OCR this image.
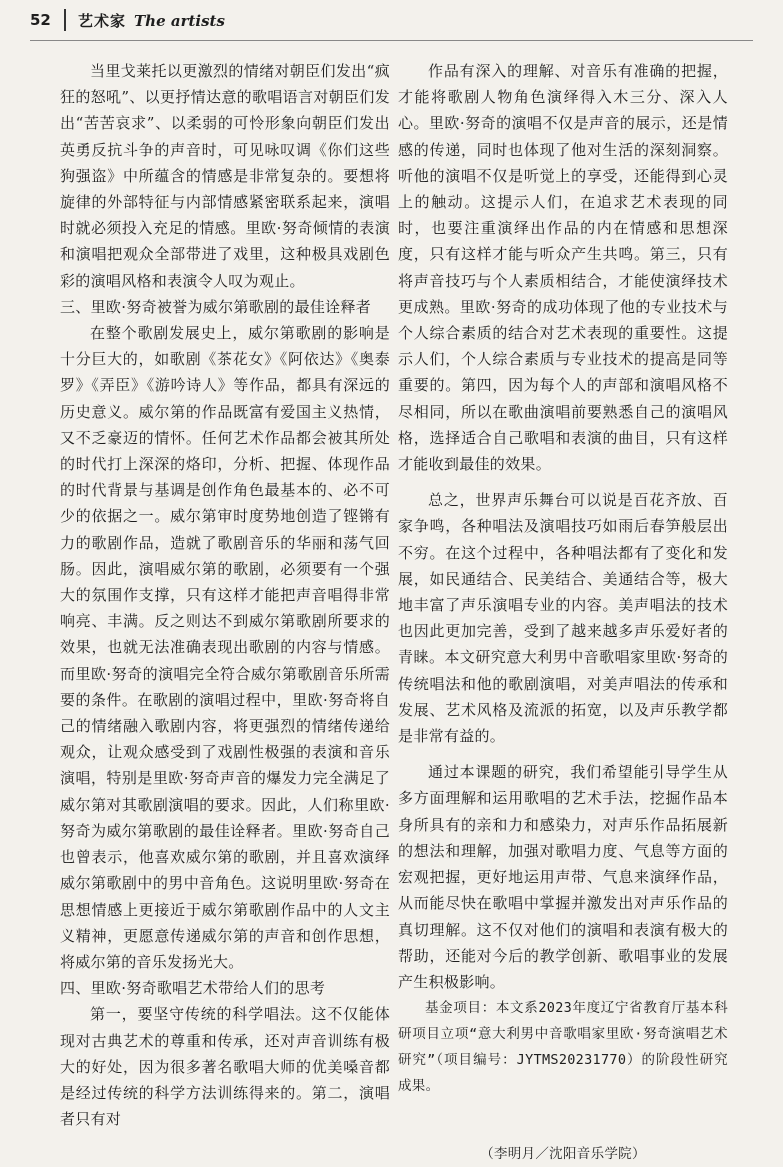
52 艺术家 The artists

当里戈莱托以更激烈的情绪对朝臣们发出“疯狂的怒吼”、以更抒情达意的歌唱语言对朝臣们发出“苦苦哀求”、以柔弱的可怜形象向朝臣们发出英勇反抗斗争的声音时，可见咏叹调《你们这些狗强盗》中所蕴含的情感是非常复杂的。要想将旋律的外部特征与内部情感紧密联系起来，演唱时就必须投入充足的情感。里欧·努奇倾情的表演和演唱把观众全部带进了戏里，这种极具戏剧色彩的演唱风格和表演令人叹为观止。

三、里欧·努奇被誉为威尔第歌剧的最佳诠释者

在整个歌剧发展史上，威尔第歌剧的影响是十分巨大的，如歌剧《茶花女》《阿依达》《奥泰罗》《弄臣》《游吟诗人》等作品，都具有深远的历史意义。威尔第的作品既富有爱国主义热情，又不乏豪迈的情怀。任何艺术作品都会被其所处的时代打上深深的烙印，分析、把握、体现作品的时代背景与基调是创作角色最基本的、必不可少的依据之一。威尔第审时度势地创造了铿锵有力的歌剧作品，造就了歌剧音乐的华丽和荡气回肠。因此，演唱威尔第的歌剧，必须要有一个强大的氛围作支撑，只有这样才能把声音唱得非常响亮、丰满。反之则达不到威尔第歌剧所要求的效果，也就无法准确表现出歌剧的内容与情感。而里欧·努奇的演唱完全符合威尔第歌剧音乐所需要的条件。在歌剧的演唱过程中，里欧·努奇将自己的情绪融入歌剧内容，将更强烈的情绪传递给观众，让观众感受到了戏剧性极强的表演和音乐演唱，特别是里欧·努奇声音的爆发力完全满足了威尔第对其歌剧演唱的要求。因此，人们称里欧·努奇为威尔第歌剧的最佳诠释者。里欧·努奇自己也曾表示，他喜欢威尔第的歌剧，并且喜欢演绎威尔第歌剧中的男中音角色。这说明里欧·努奇在思想情感上更接近于威尔第歌剧作品中的人文主义精神，更愿意传递威尔第的声音和创作思想，将威尔第的音乐发扬光大。

四、里欧·努奇歌唱艺术带给人们的思考

第一，要坚守传统的科学唱法。这不仅能体现对古典艺术的尊重和传承，还对声音训练有极大的好处，因为很多著名歌唱大师的优美嗓音都是经过传统的科学方法训练得来的。第二，演唱者只有对

作品有深入的理解、对音乐有准确的把握，才能将歌剧人物角色演绎得入木三分、深入人心。里欧·努奇的演唱不仅是声音的展示，还是情感的传递，同时也体现了他对生活的深刻洞察。听他的演唱不仅是听觉上的享受，还能得到心灵上的触动。这提示人们，在追求艺术表现的同时，也要注重演绎出作品的内在情感和思想深度，只有这样才能与听众产生共鸣。第三，只有将声音技巧与个人素质相结合，才能使演绎技术更成熟。里欧·努奇的成功体现了他的专业技术与个人综合素质的结合对艺术表现的重要性。这提示人们，个人综合素质与专业技术的提高是同等重要的。第四，因为每个人的声部和演唱风格不尽相同，所以在歌曲演唱前要熟悉自己的演唱风格，选择适合自己歌唱和表演的曲目，只有这样才能收到最佳的效果。

总之，世界声乐舞台可以说是百花齐放、百家争鸣，各种唱法及演唱技巧如雨后春笋般层出不穷。在这个过程中，各种唱法都有了变化和发展，如民通结合、民美结合、美通结合等，极大地丰富了声乐演唱专业的内容。美声唱法的技术也因此更加完善，受到了越来越多声乐爱好者的青睐。本文研究意大利男中音歌唱家里欧·努奇的传统唱法和他的歌剧演唱，对美声唱法的传承和发展、艺术风格及流派的拓宽，以及声乐教学都是非常有益的。

通过本课题的研究，我们希望能引导学生从多方面理解和运用歌唱的艺术手法，挖掘作品本身所具有的亲和力和感染力，对声乐作品拓展新的想法和理解，加强对歌唱力度、气息等方面的宏观把握，更好地运用声带、气息来演绎作品，从而能尽快在歌唱中掌握并激发出对声乐作品的真切理解。这不仅对他们的演唱和表演有极大的帮助，还能对今后的教学创新、歌唱事业的发展产生积极影响。

基金项目：本文系2023年度辽宁省教育厅基本科研项目立项“意大利男中音歌唱家里欧·努奇演唱艺术研究”（项目编号：JYTMS20231770）的阶段性研究成果。

（李明月／沈阳音乐学院）
